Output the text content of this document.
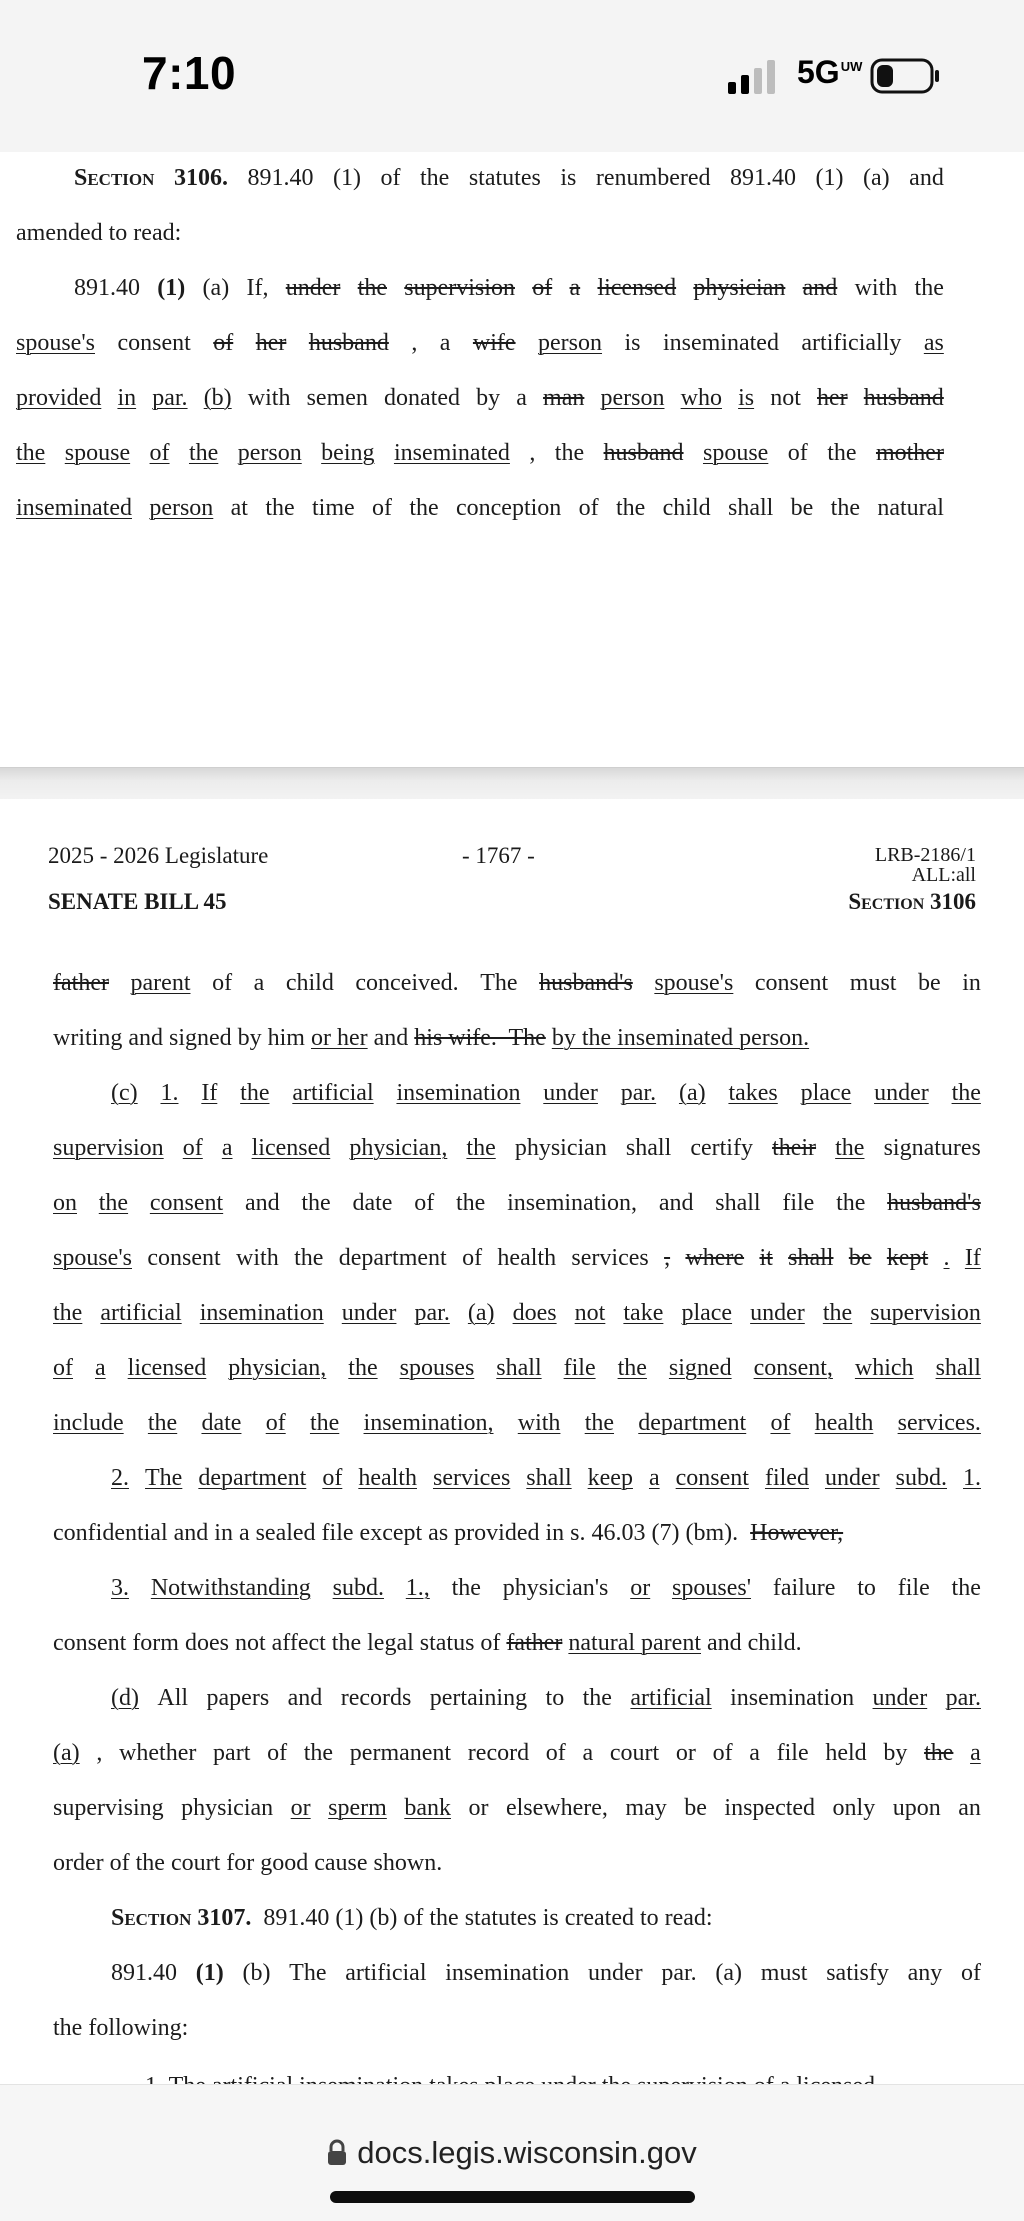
7:10	$5G^{UW}$
Section 3106. 891.40 (1) of the statutes is renumbered 891.40 (1) (a) and
amended to read:
891.40 (1) (a) If, under the supervision of a licensed physician and with the
spouse's consent of her husband , a wife person is inseminated artificially as
provided in par. (b) with semen donated by a man person who is not her husband
the spouse of the person being inseminated , the husband spouse of the mother
inseminated person at the time of the conception of the child shall be the natural
2025 - 2026 Legislature	- 1767 -	LRB-2186/1
ALL:all
SENATE BILL 45	Section 3106
father parent of a child conceived. The husband's spouse's consent must be in
writing and signed by him or her and his wife.  The by the inseminated person.
(c) 1. If the artificial insemination under par. (a) takes place under the
supervision of a licensed physician, the physician shall certify their the signatures
on the consent and the date of the insemination, and shall file the husband's
spouse's consent with the department of health services , where it shall be kept . If
the artificial insemination under par. (a) does not take place under the supervision
of a licensed physician, the spouses shall file the signed consent, which shall
include the date of the insemination, with the department of health services.
2. The department of health services shall keep a consent filed under subd. 1.
confidential and in a sealed file except as provided in s. 46.03 (7) (bm).  However,
3. Notwithstanding subd. 1., the physician's or spouses' failure to file the
consent form does not affect the legal status of father natural parent and child.
(d) All papers and records pertaining to the artificial insemination under par.
(a) , whether part of the permanent record of a court or of a file held by the a
supervising physician or sperm bank or elsewhere, may be inspected only upon an
order of the court for good cause shown.
Section 3107.  891.40 (1) (b) of the statutes is created to read:
891.40 (1) (b) The artificial insemination under par. (a) must satisfy any of
the following:
docs.legis.wisconsin.gov
